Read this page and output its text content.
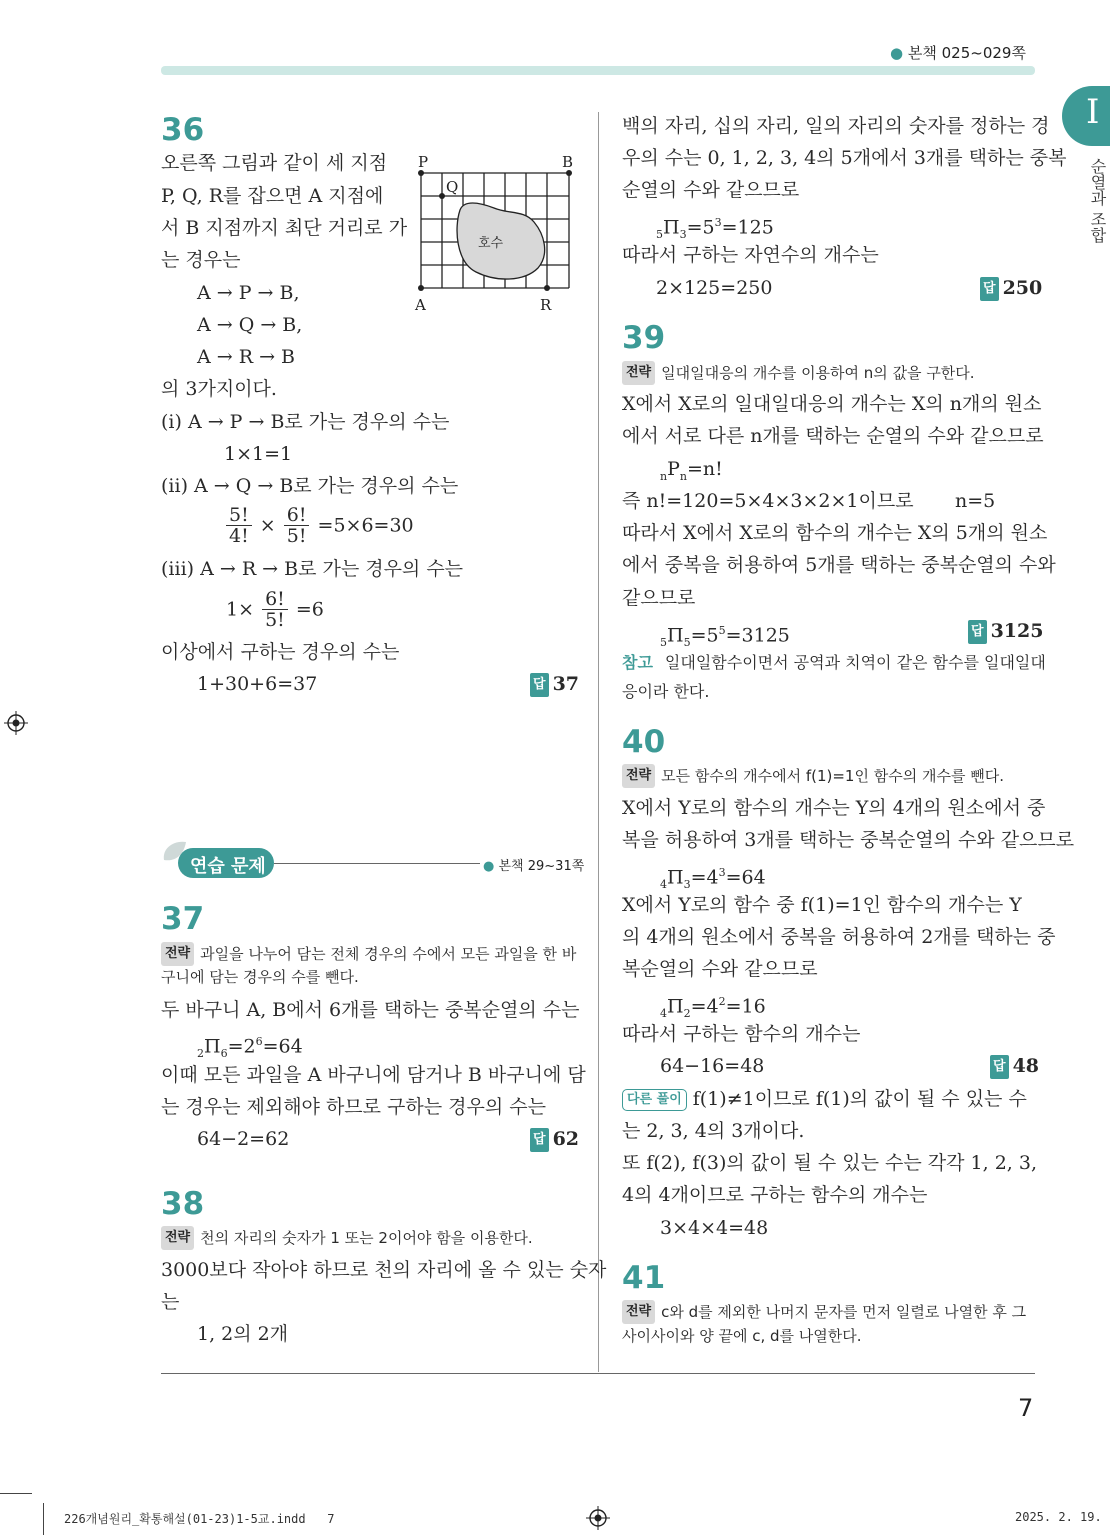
● 본책 025~029쪽
I
순열과 조합
36
오른쪽 그림과 같이 세 지점
P, Q, R를 잡으면 A 지점에
서 B 지점까지 최단 거리로 가
는 경우는
P	B
Q
A	R
호수
A → P → B,
A → Q → B,
A → R → B
의 3가지이다.
(i) A → P → B로 가는 경우의 수는
1×1=1
(ii) A → Q → B로 가는 경우의 수는
$\frac{5!}{4!} \times \frac{6!}{5!} =5\times 6=30$
(iii) A → R → B로 가는 경우의 수는
$1\times \frac{6!}{5!} =6$
이상에서 구하는 경우의 수는
1+30+6=37	답 37
연습 문제	● 본책 29~31쪽
37
전략 과일을 나누어 담는 전체 경우의 수에서 모든 과일을 한 바
구니에 담는 경우의 수를 뺀다.
두 바구니 A, B에서 6개를 택하는 중복순열의 수는
$_2\Pi_6=2^6=64$
이때 모든 과일을 A 바구니에 담거나 B 바구니에 담
는 경우는 제외해야 하므로 구하는 경우의 수는
64−2=62	답 62
38
전략 천의 자리의 숫자가 1 또는 2이어야 함을 이용한다.
3000보다 작아야 하므로 천의 자리에 올 수 있는 숫자
는
1, 2의 2개
백의 자리, 십의 자리, 일의 자리의 숫자를 정하는 경
우의 수는 0, 1, 2, 3, 4의 5개에서 3개를 택하는 중복
순열의 수와 같으므로
$_5\Pi_3=5^3=125$
따라서 구하는 자연수의 개수는
2×125=250	답 250
39
전략 일대일대응의 개수를 이용하여 n의 값을 구한다.
X에서 X로의 일대일대응의 개수는 X의 n개의 원소
에서 서로 다른 n개를 택하는 순열의 수와 같으므로
$_nP_n=n$!
즉 n!=120=5×4×3×2×1이므로 n=5
따라서 X에서 X로의 함수의 개수는 X의 5개의 원소
에서 중복을 허용하여 5개를 택하는 중복순열의 수와
같으므로
$_5\Pi_5=5^5=3125$	답 3125
참고 일대일함수이면서 공역과 치역이 같은 함수를 일대일대
응이라 한다.
40
전략 모든 함수의 개수에서 f(1)=1인 함수의 개수를 뺀다.
X에서 Y로의 함수의 개수는 Y의 4개의 원소에서 중
복을 허용하여 3개를 택하는 중복순열의 수와 같으므로
$_4\Pi_3=4^3=64$
X에서 Y로의 함수 중 f(1)=1인 함수의 개수는 Y
의 4개의 원소에서 중복을 허용하여 2개를 택하는 중
복순열의 수와 같으므로
$_4\Pi_2=4^2=16$
따라서 구하는 함수의 개수는
64−16=48	답 48
다른 풀이 f(1)≠1이므로 f(1)의 값이 될 수 있는 수
는 2, 3, 4의 3개이다.
또 f(2), f(3)의 값이 될 수 있는 수는 각각 1, 2, 3,
4의 4개이므로 구하는 함수의 개수는
3×4×4=48
41
전략 c와 d를 제외한 나머지 문자를 먼저 일렬로 나열한 후 그
사이사이와 양 끝에 c, d를 나열한다.
7
226개념원리_확통해설(01-23)1-5교.indd   7	2025. 2. 19.
